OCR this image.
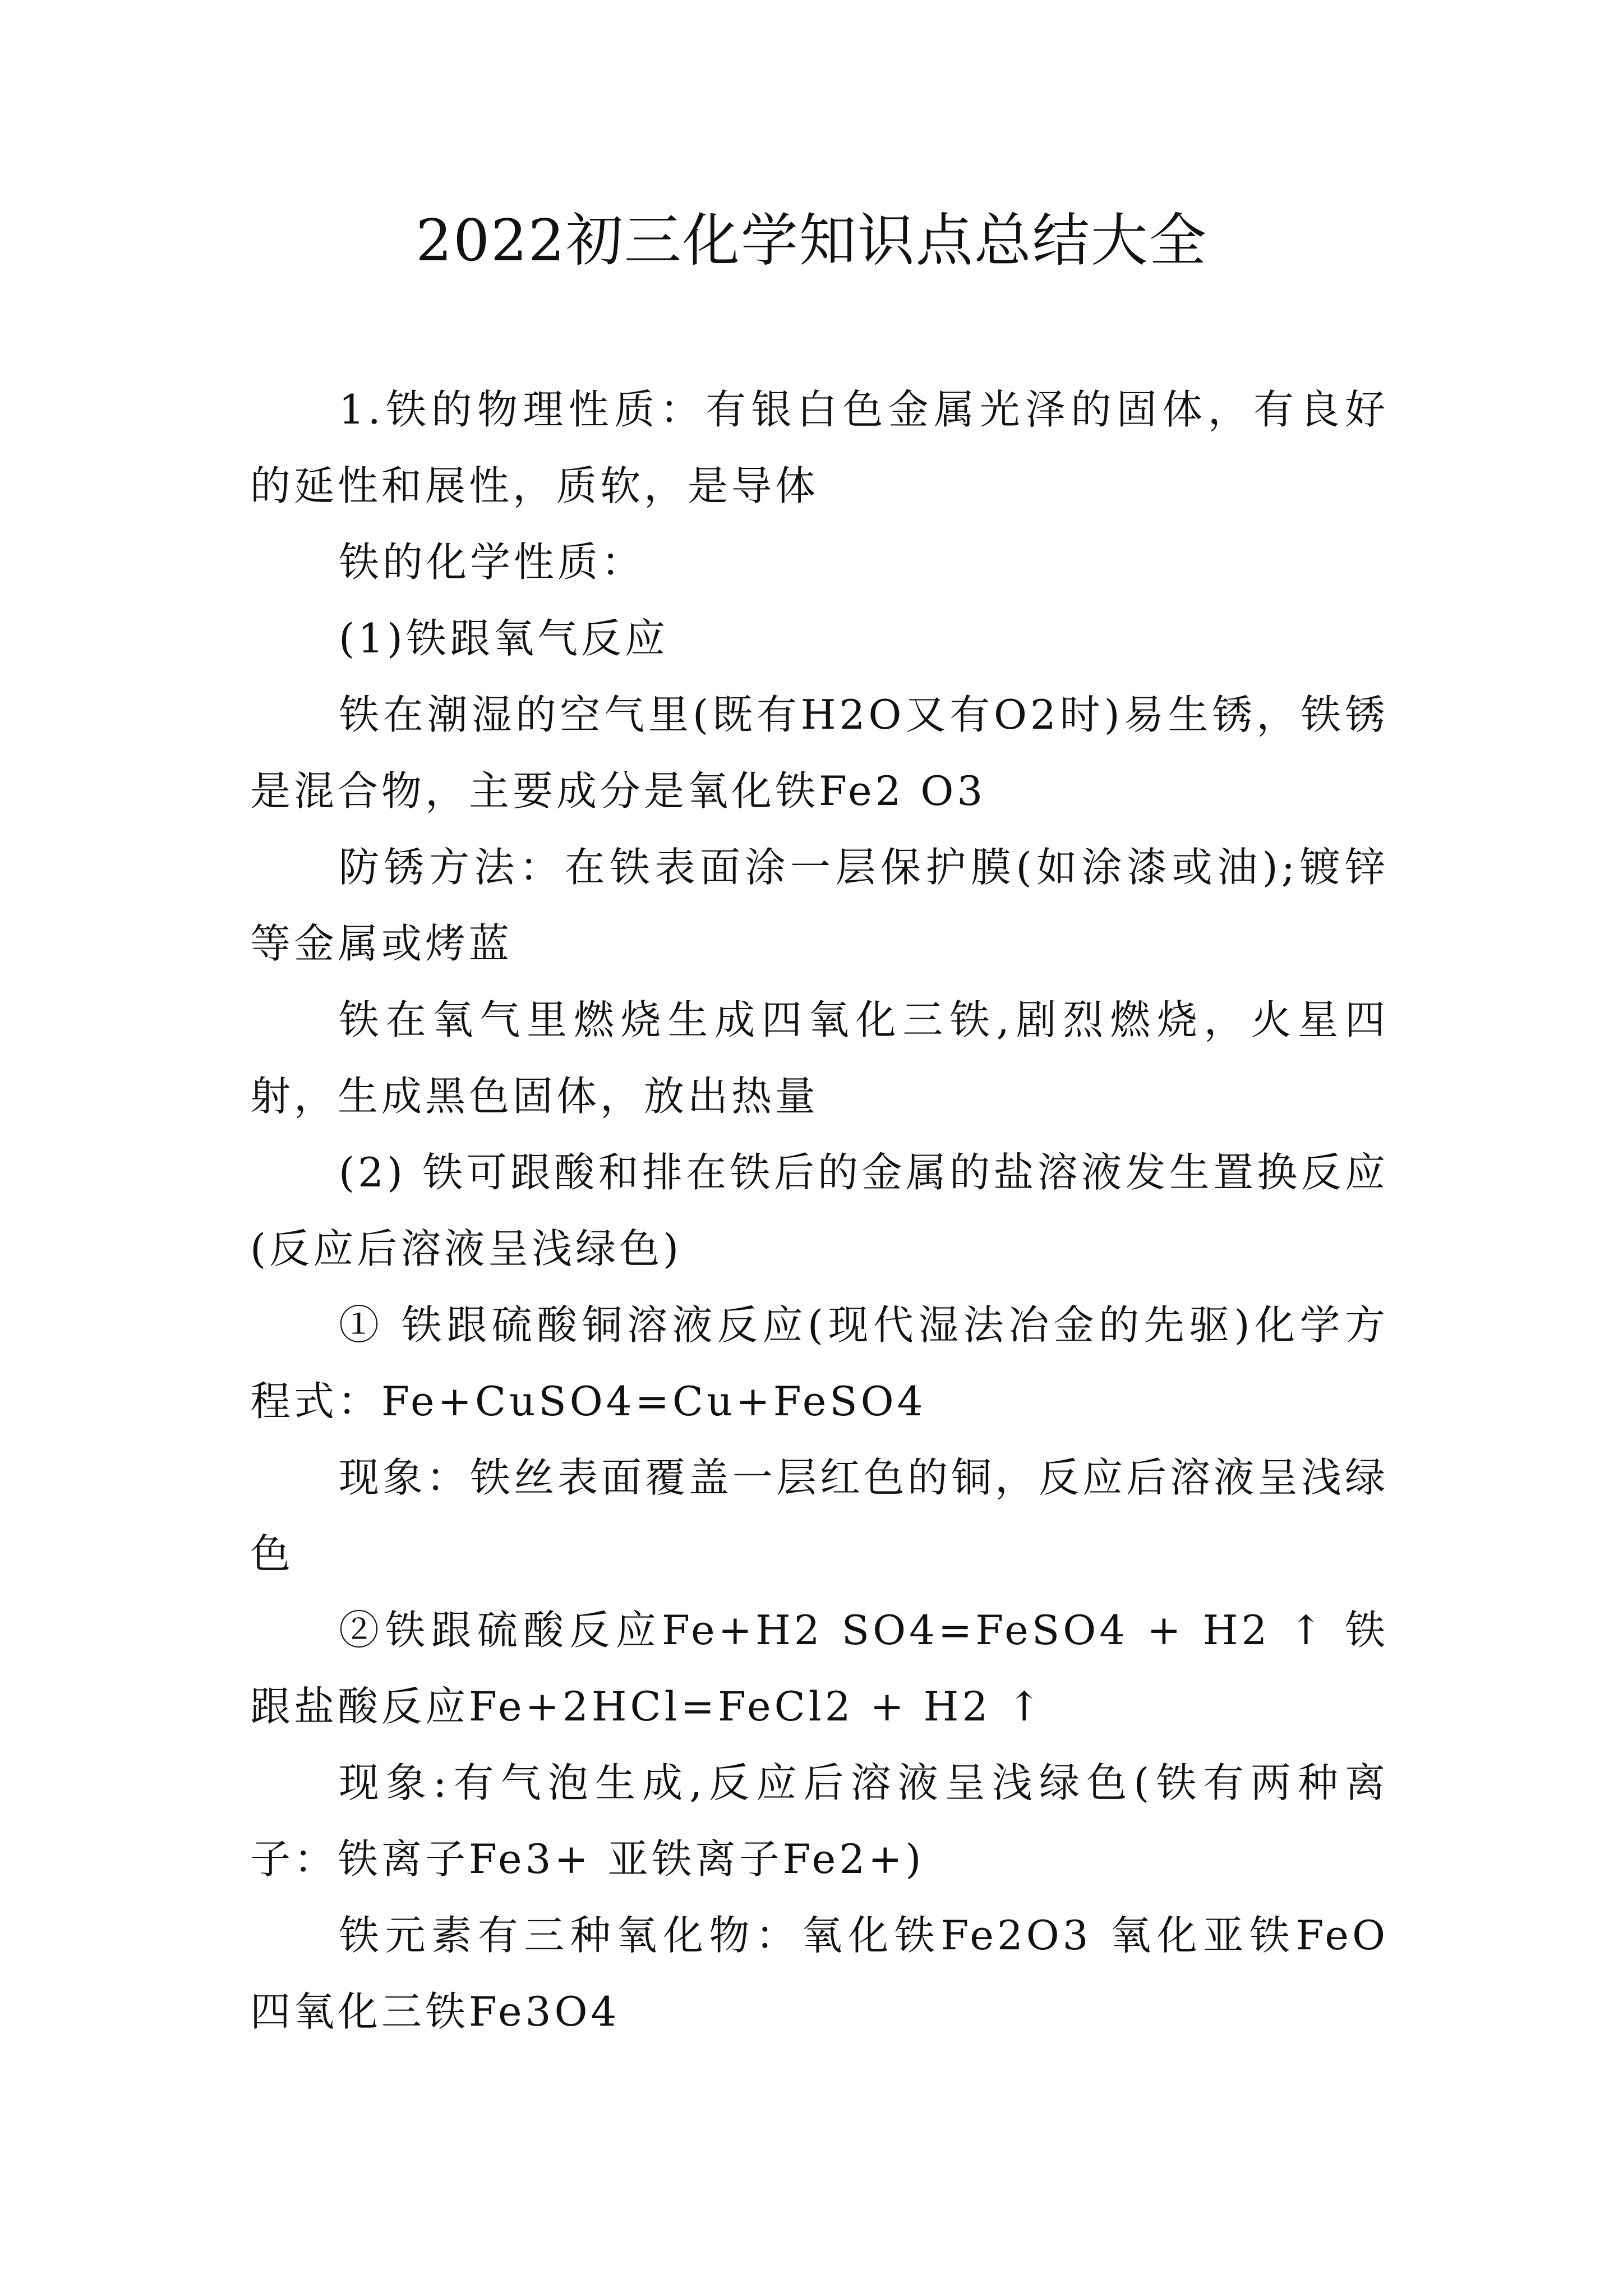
2022初三化学知识点总结大全

1.铁的物理性质：有银白色金属光泽的固体，有良好的延性和展性，质软，是导体

铁的化学性质：

(1)铁跟氧气反应

铁在潮湿的空气里(既有H2O又有O2时)易生锈，铁锈是混合物，主要成分是氧化铁Fe2 O3

防锈方法：在铁表面涂一层保护膜(如涂漆或油);镀锌等金属或烤蓝

铁在氧气里燃烧生成四氧化三铁,剧烈燃烧，火星四射，生成黑色固体，放出热量

(2) 铁可跟酸和排在铁后的金属的盐溶液发生置换反应(反应后溶液呈浅绿色)

① 铁跟硫酸铜溶液反应(现代湿法冶金的先驱)化学方程式：Fe+CuSO4=Cu+FeSO4

现象：铁丝表面覆盖一层红色的铜，反应后溶液呈浅绿色

②铁跟硫酸反应Fe+H2 SO4=FeSO4 + H2 ↑ 铁跟盐酸反应Fe+2HCl=FeCl2 + H2 ↑

现象:有气泡生成,反应后溶液呈浅绿色(铁有两种离子：铁离子Fe3+ 亚铁离子Fe2+)

铁元素有三种氧化物：氧化铁Fe2O3 氧化亚铁FeO 四氧化三铁Fe3O4
